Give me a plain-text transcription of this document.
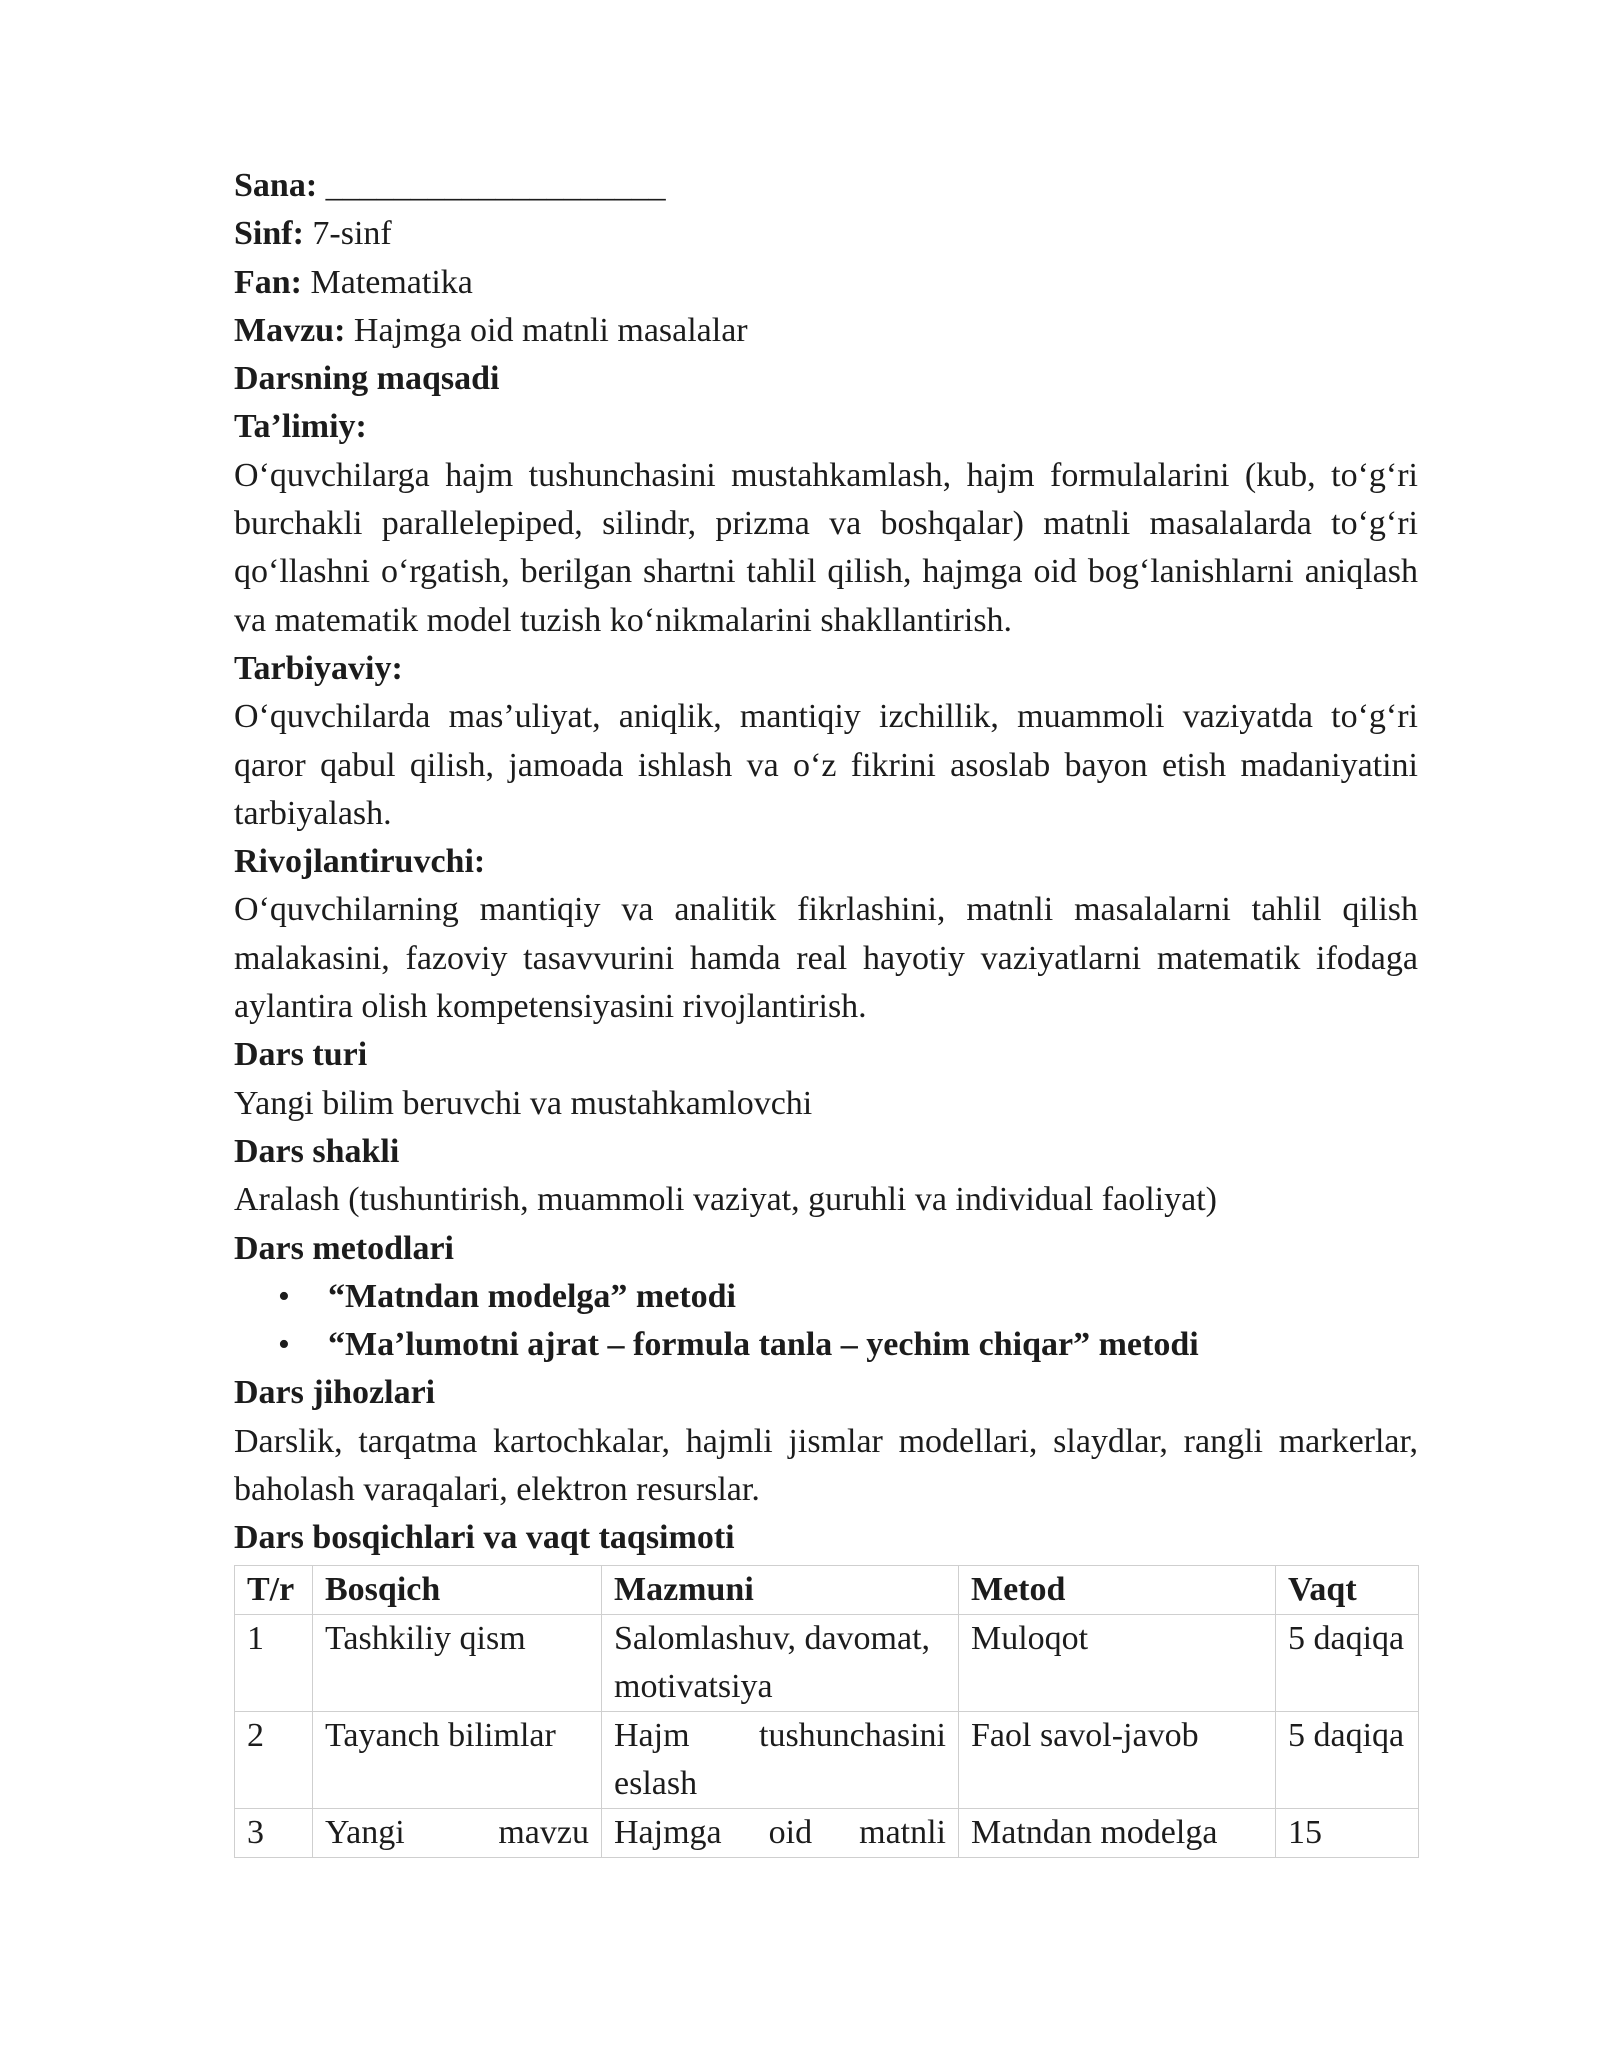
Sana: ____________________

Sinf: 7-sinf

Fan: Matematika

Mavzu: Hajmga oid matnli masalalar

Darsning maqsadi

Ta’limiy:

O‘quvchilarga hajm tushunchasini mustahkamlash, hajm formulalarini (kub, to‘g‘ri burchakli parallelepiped, silindr, prizma va boshqalar) matnli masalalarda to‘g‘ri qo‘llashni o‘rgatish, berilgan shartni tahlil qilish, hajmga oid bog‘lanishlarni aniqlash va matematik model tuzish ko‘nikmalarini shakllantirish.

Tarbiyaviy:

O‘quvchilarda mas’uliyat, aniqlik, mantiqiy izchillik, muammoli vaziyatda to‘g‘ri qaror qabul qilish, jamoada ishlash va o‘z fikrini asoslab bayon etish madaniyatini tarbiyalash.

Rivojlantiruvchi:

O‘quvchilarning mantiqiy va analitik fikrlashini, matnli masalalarni tahlil qilish malakasini, fazoviy tasavvurini hamda real hayotiy vaziyatlarni matematik ifodaga aylantira olish kompetensiyasini rivojlantirish.

Dars turi

Yangi bilim beruvchi va mustahkamlovchi

Dars shakli

Aralash (tushuntirish, muammoli vaziyat, guruhli va individual faoliyat)

Dars metodlari

• “Matndan modelga” metodi
• “Ma’lumotni ajrat – formula tanla – yechim chiqar” metodi

Dars jihozlari

Darslik, tarqatma kartochkalar, hajmli jismlar modellari, slaydlar, rangli markerlar, baholash varaqalari, elektron resurslar.

Dars bosqichlari va vaqt taqsimoti

T/r	Bosqich	Mazmuni	Metod	Vaqt
1	Tashkiliy qism	Salomlashuv, davomat, motivatsiya	Muloqot	5 daqiqa
2	Tayanch bilimlar	Hajm tushunchasini eslash	Faol savol-javob	5 daqiqa
3	Yangi mavzu	Hajmga oid matnli	Matndan modelga	15
